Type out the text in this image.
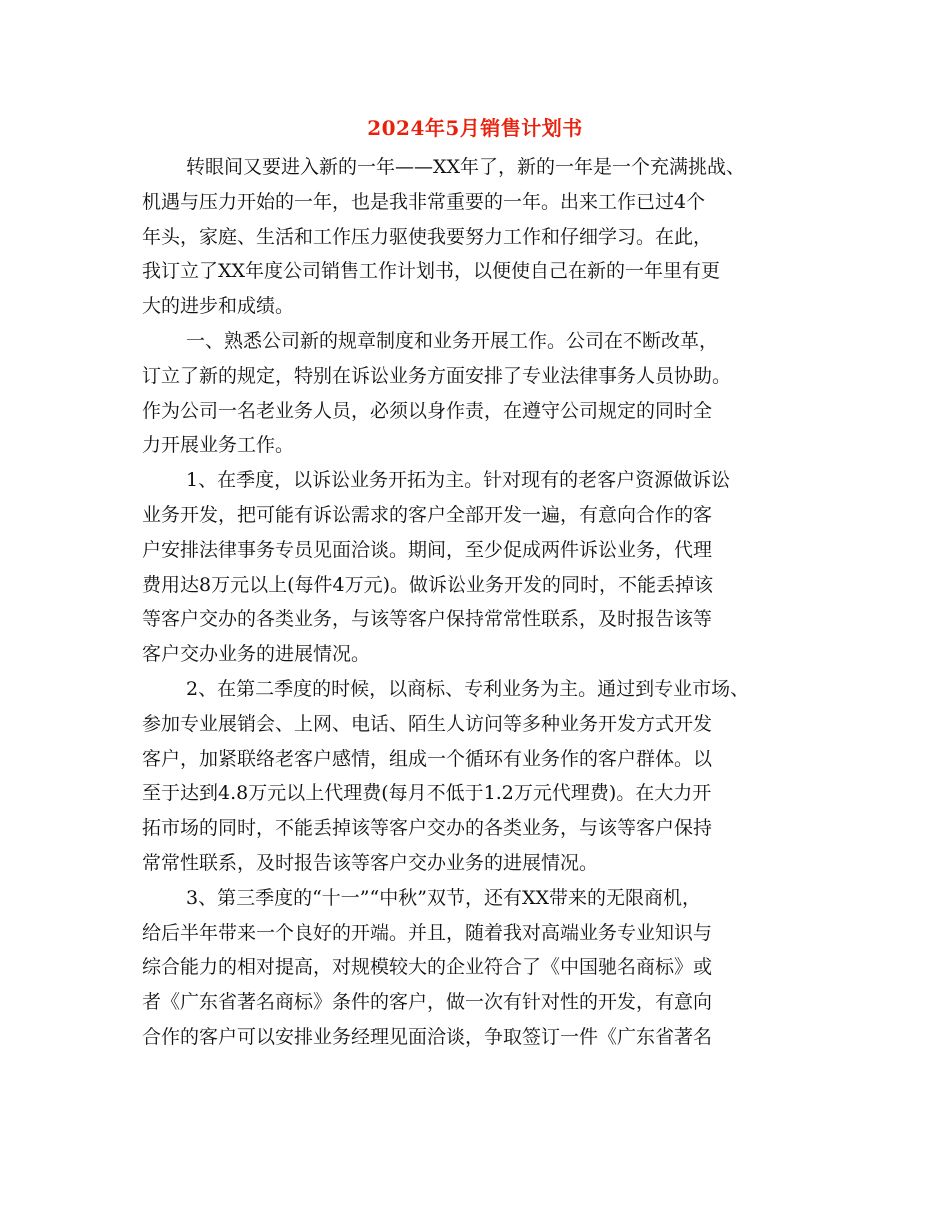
2024年5月销售计划书

转眼间又要进入新的一年——XX年了，新的一年是一个充满挑战、
机遇与压力开始的一年，也是我非常重要的一年。出来工作已过4个
年头，家庭、生活和工作压力驱使我要努力工作和仔细学习。在此，
我订立了XX年度公司销售工作计划书，以便使自己在新的一年里有更
大的进步和成绩。

一、熟悉公司新的规章制度和业务开展工作。公司在不断改革，
订立了新的规定，特别在诉讼业务方面安排了专业法律事务人员协助。
作为公司一名老业务人员，必须以身作责，在遵守公司规定的同时全
力开展业务工作。

1、在季度，以诉讼业务开拓为主。针对现有的老客户资源做诉讼
业务开发，把可能有诉讼需求的客户全部开发一遍，有意向合作的客
户安排法律事务专员见面洽谈。期间，至少促成两件诉讼业务，代理
费用达8万元以上(每件4万元)。做诉讼业务开发的同时，不能丢掉该
等客户交办的各类业务，与该等客户保持常常性联系，及时报告该等
客户交办业务的进展情况。

2、在第二季度的时候，以商标、专利业务为主。通过到专业市场、
参加专业展销会、上网、电话、陌生人访问等多种业务开发方式开发
客户，加紧联络老客户感情，组成一个循环有业务作的客户群体。以
至于达到4.8万元以上代理费(每月不低于1.2万元代理费)。在大力开
拓市场的同时，不能丢掉该等客户交办的各类业务，与该等客户保持
常常性联系，及时报告该等客户交办业务的进展情况。

3、第三季度的“十一”“中秋”双节，还有XX带来的无限商机，
给后半年带来一个良好的开端。并且，随着我对高端业务专业知识与
综合能力的相对提高，对规模较大的企业符合了《中国驰名商标》或
者《广东省著名商标》条件的客户，做一次有针对性的开发，有意向
合作的客户可以安排业务经理见面洽谈，争取签订一件《广东省著名
